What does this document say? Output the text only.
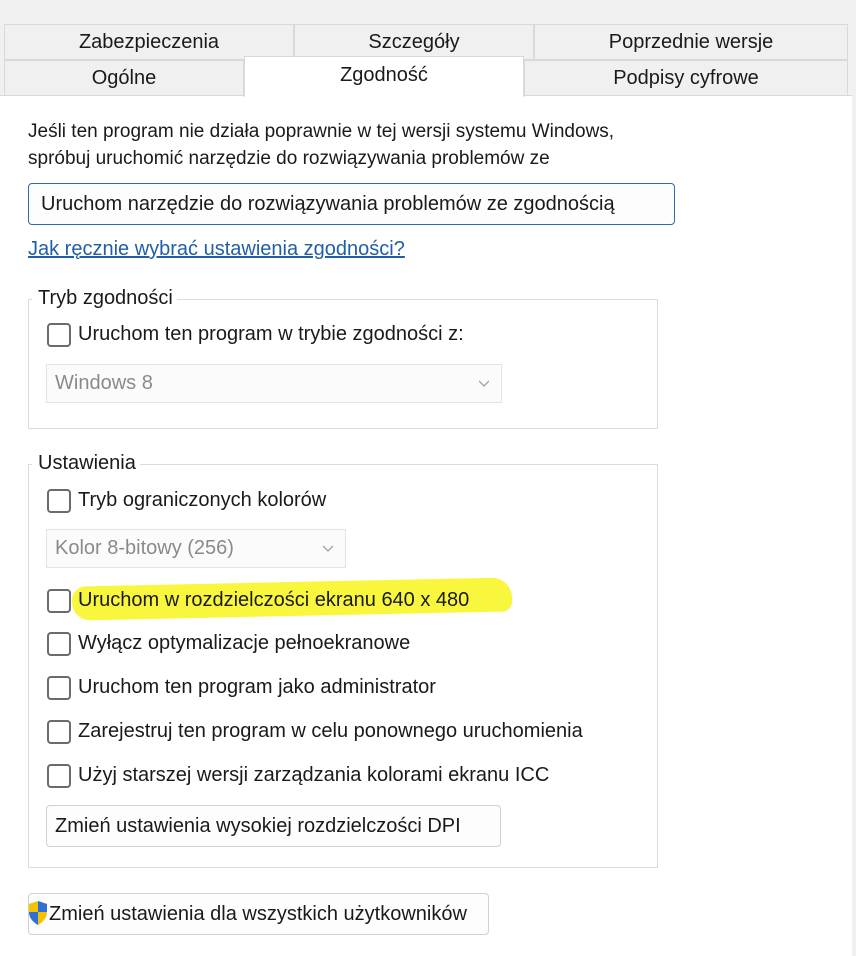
Zabezpieczenia	Szczegóły	Poprzednie wersje
Ogólne	Zgodność	Podpisy cyfrowe
Jeśli ten program nie działa poprawnie w tej wersji systemu Windows,
spróbuj uruchomić narzędzie do rozwiązywania problemów ze
Uruchom narzędzie do rozwiązywania problemów ze zgodnością
Jak ręcznie wybrać ustawienia zgodności?
Tryb zgodności
Uruchom ten program w trybie zgodności z:
Windows 8
Ustawienia
Tryb ograniczonych kolorów
Kolor 8-bitowy (256)
Uruchom w rozdzielczości ekranu 640 x 480
Wyłącz optymalizacje pełnoekranowe
Uruchom ten program jako administrator
Zarejestruj ten program w celu ponownego uruchomienia
Użyj starszej wersji zarządzania kolorami ekranu ICC
Zmień ustawienia wysokiej rozdzielczości DPI
Zmień ustawienia dla wszystkich użytkowników
